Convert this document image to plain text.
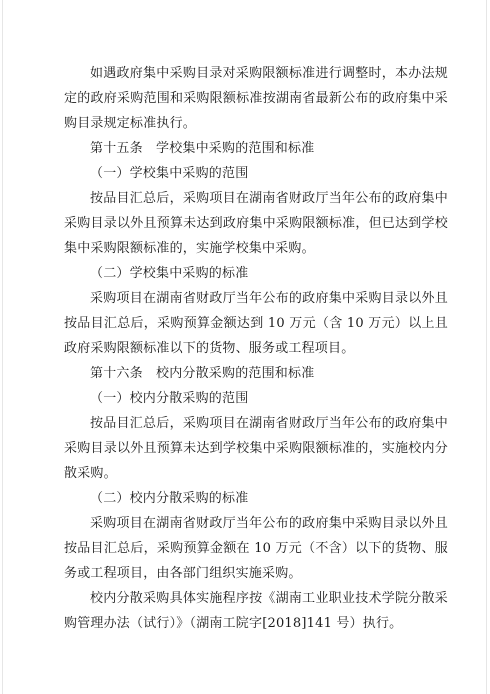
如遇政府集中采购目录对采购限额标准进行调整时，本办法规定的政府采购范围和采购限额标准按湖南省最新公布的政府集中采购目录规定标准执行。

第十五条　学校集中采购的范围和标准

（一）学校集中采购的范围

按品目汇总后，采购项目在湖南省财政厅当年公布的政府集中采购目录以外且预算未达到政府集中采购限额标准，但已达到学校集中采购限额标准的，实施学校集中采购。

（二）学校集中采购的标准

采购项目在湖南省财政厅当年公布的政府集中采购目录以外且按品目汇总后，采购预算金额达到 10 万元（含 10 万元）以上且政府采购限额标准以下的货物、服务或工程项目。

第十六条　校内分散采购的范围和标准

（一）校内分散采购的范围

按品目汇总后，采购项目在湖南省财政厅当年公布的政府集中采购目录以外且预算未达到学校集中采购限额标准的，实施校内分散采购。

（二）校内分散采购的标准

采购项目在湖南省财政厅当年公布的政府集中采购目录以外且按品目汇总后，采购预算金额在 10 万元（不含）以下的货物、服务或工程项目，由各部门组织实施采购。

校内分散采购具体实施程序按《湖南工业职业技术学院分散采购管理办法（试行）》（湖南工院字[2018]141 号）执行。
